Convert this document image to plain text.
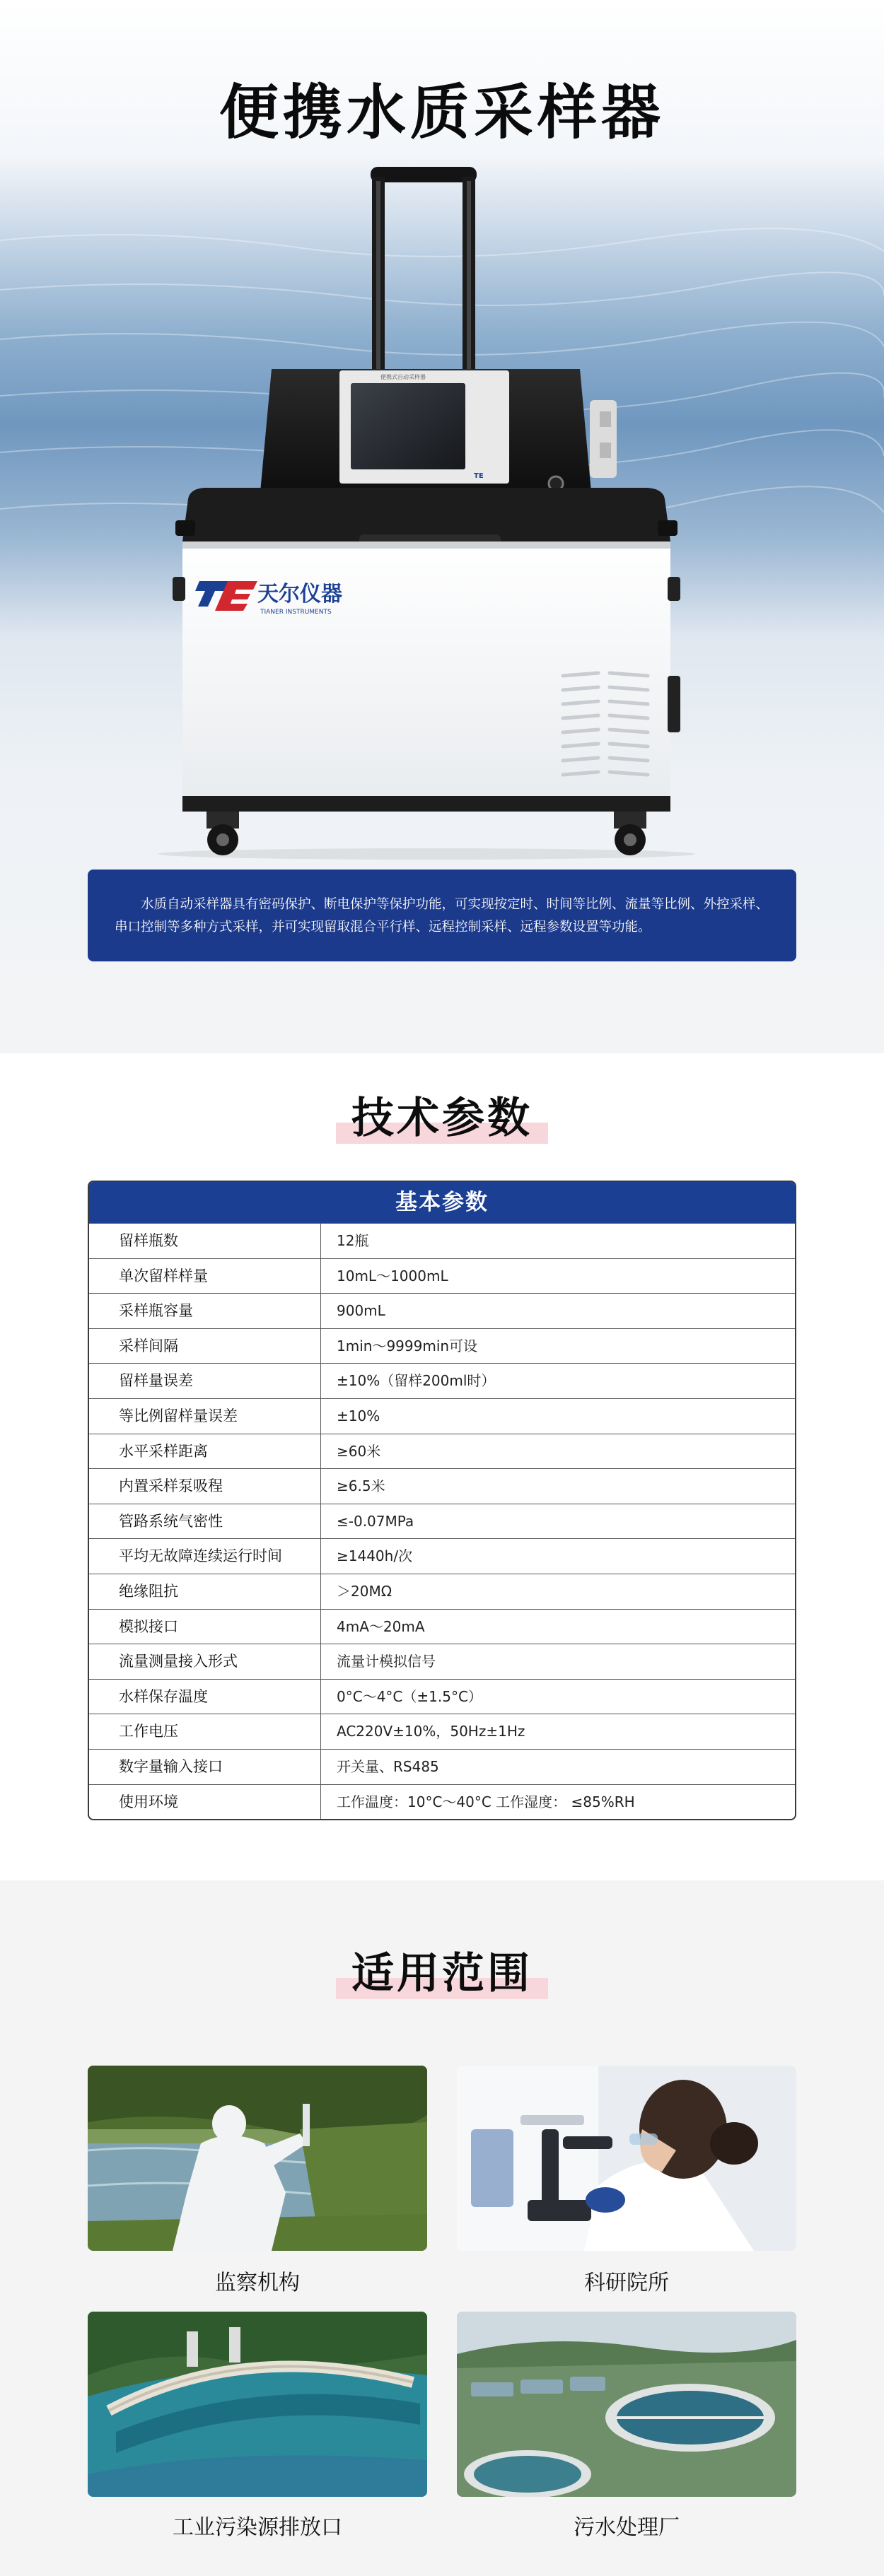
便携水质采样器
便携式自动采样器
TE
天尔仪器
TIANER INSTRUMENTS

水质自动采样器具有密码保护、断电保护等保护功能，可实现按定时、时间等比例、流量等比例、外控采样、串口控制等多种方式采样，并可实现留取混合平行样、远程控制采样、远程参数设置等功能。

技术参数
基本参数
留样瓶数	12瓶
单次留样样量	10mL～1000mL
采样瓶容量	900mL
采样间隔	1min～9999min可设
留样量误差	±10%（留样200ml时）
等比例留样量误差	±10%
水平采样距离	≥60米
内置采样泵吸程	≥6.5米
管路系统气密性	≤-0.07MPa
平均无故障连续运行时间	≥1440h/次
绝缘阻抗	＞20MΩ
模拟接口	4mA～20mA
流量测量接入形式	流量计模拟信号
水样保存温度	0°C～4°C（±1.5°C）
工作电压	AC220V±10%，50Hz±1Hz
数字量输入接口	开关量、RS485
使用环境	工作温度：10°C～40°C 工作湿度： ≤85%RH
适用范围
监察机构	科研院所
工业污染源排放口	污水处理厂
